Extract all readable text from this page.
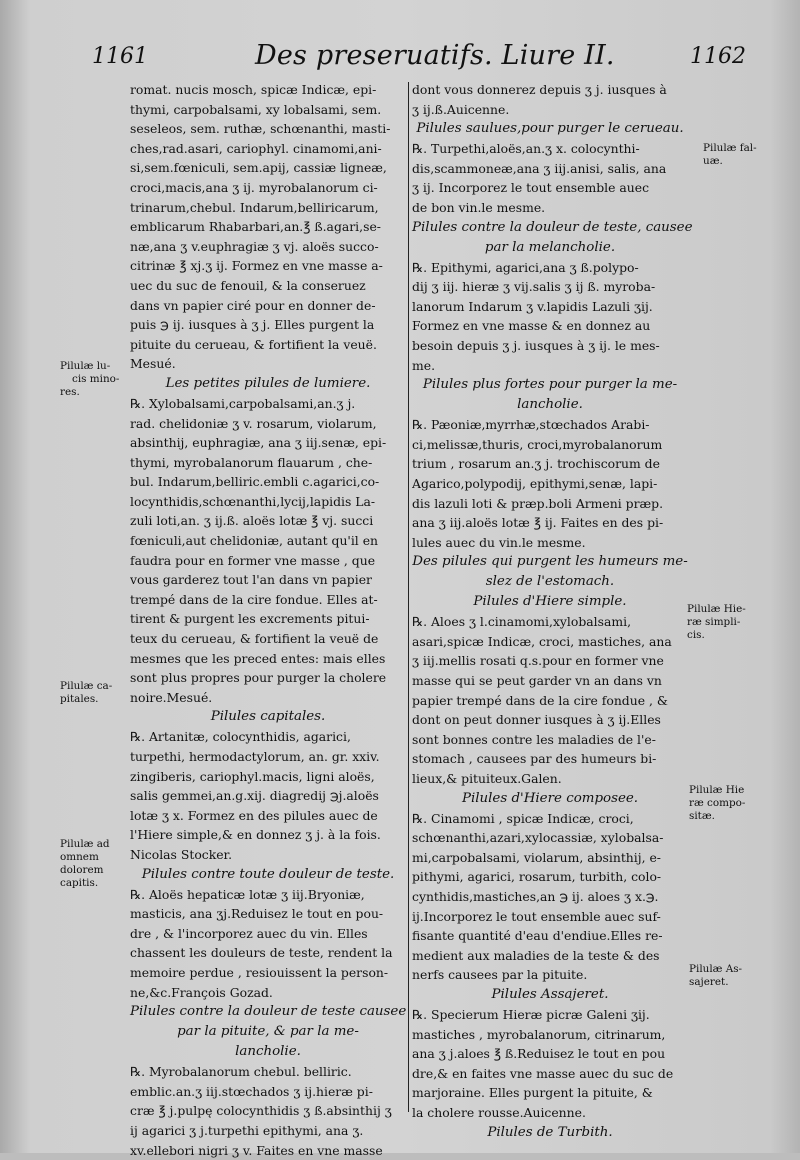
1161	Des preseruatifs. Liure II.	1162
romat. nucis mosch, spicæ Indicæ, epi-
thymi, carpobalsami, xy lobalsami, sem.
seseleos, sem. ruthæ, schœnanthi, masti-
ches,rad.asari, cariophyl. cinamomi,ani-
si,sem.fœniculi, sem.apij, cassiæ ligneæ,
croci,macis,ana ʒ ij. myrobalanorum ci-
trinarum,chebul. Indarum,belliricarum,
emblicarum Rhabarbari,an.℥ ß.agari,se-
næ,ana ʒ v.euphragiæ ʒ vj. aloës succo-
citrinæ ℥ xj.ʒ ij. Formez en vne masse a-
uec du suc de fenouil, & la conseruez
dans vn papier ciré pour en donner de-
puis ℈ ij. iusques à ʒ j. Elles purgent la
pituite du cerueau, & fortifient la veuë.
Mesué.
Les petites pilules de lumiere.
℞. Xylobalsami,carpobalsami,an.ʒ j.
rad. chelidoniæ ʒ v. rosarum, violarum,
absinthij, euphragiæ, ana ʒ iij.senæ, epi-
thymi, myrobalanorum flauarum , che-
bul. Indarum,belliric.embli c.agarici,co-
locynthidis,schœnanthi,lycij,lapidis La-
zuli loti,an. ʒ ij.ß. aloës lotæ ℥ vj. succi
fœniculi,aut chelidoniæ, autant qu'il en
faudra pour en former vne masse , que
vous garderez tout l'an dans vn papier
trempé dans de la cire fondue. Elles at-
tirent & purgent les excrements pitui-
teux du cerueau, & fortifient la veuë de
mesmes que les preced entes: mais elles
sont plus propres pour purger la cholere
noire.Mesué.
Pilules capitales.
℞. Artanitæ, colocynthidis, agarici,
turpethi, hermodactylorum, an. gr. xxiv.
zingiberis, cariophyl.macis, ligni aloës,
salis gemmei,an.g.xij. diagredij ℈j.aloës
lotæ ʒ x. Formez en des pilules auec de
l'Hiere simple,& en donnez ʒ j. à la fois.
Nicolas Stocker.
Pilules contre toute douleur de teste.
℞. Aloës hepaticæ lotæ ʒ iij.Bryoniæ,
masticis, ana ʒj.Reduisez le tout en pou-
dre , & l'incorporez auec du vin. Elles
chassent les douleurs de teste, rendent la
memoire perdue , resiouissent la person-
ne,&c.François Gozad.
Pilules contre la douleur de teste causee
par la pituite, & par la me-
lancholie.
℞. Myrobalanorum chebul. belliric.
emblic.an.ʒ iij.stœchados ʒ ij.hieræ pi-
cræ ℥ j.pulpę colocynthidis ʒ ß.absinthij ʒ
ij agarici ʒ j.turpethi epithymi, ana ʒ.
xv.ellebori nigri ʒ v. Faites en vne masse
dont vous donnerez depuis ʒ j. iusques à
ʒ ij.ß.Auicenne.
Pilules saulues,pour purger le cerueau.
℞. Turpethi,aloës,an.ʒ x. colocynthi-
dis,scammoneæ,ana ʒ iij.anisi, salis, ana
ʒ ij. Incorporez le tout ensemble auec
de bon vin.le mesme.
Pilules contre la douleur de teste, causee
par la melancholie.
℞. Epithymi, agarici,ana ʒ ß.polypo-
dij ʒ iij. hieræ ʒ vij.salis ʒ ij ß. myroba-
lanorum Indarum ʒ v.lapidis Lazuli ʒij.
Formez en vne masse & en donnez au
besoin depuis ʒ j. iusques à ʒ ij. le mes-
me.
Pilules plus fortes pour purger la me-
lancholie.
℞. Pæoniæ,myrrhæ,stœchados Arabi-
ci,melissæ,thuris, croci,myrobalanorum
trium , rosarum an.ʒ j. trochiscorum de
Agarico,polypodij, epithymi,senæ, lapi-
dis lazuli loti & præp.boli Armeni præp.
ana ʒ iij.aloës lotæ ℥ ij. Faites en des pi-
lules auec du vin.le mesme.
Des pilules qui purgent les humeurs me-
slez de l'estomach.
Pilules d'Hiere simple.
℞. Aloes ʒ l.cinamomi,xylobalsami,
asari,spicæ Indicæ, croci, mastiches, ana
ʒ iij.mellis rosati q.s.pour en former vne
masse qui se peut garder vn an dans vn
papier trempé dans de la cire fondue , &
dont on peut donner iusques à ʒ ij.Elles
sont bonnes contre les maladies de l'e-
stomach , causees par des humeurs bi-
lieux,& pituiteux.Galen.
Pilules d'Hiere composee.
℞. Cinamomi , spicæ Indicæ, croci,
schœnanthi,azari,xylocassiæ, xylobalsa-
mi,carpobalsami, violarum, absinthij, e-
pithymi, agarici, rosarum, turbith, colo-
cynthidis,mastiches,an ℈ ij. aloes ʒ x.℈.
ij.Incorporez le tout ensemble auec suf-
fisante quantité d'eau d'endiue.Elles re-
medient aux maladies de la teste & des
nerfs causees par la pituite.
Pilules Assajeret.
℞. Specierum Hieræ picræ Galeni ʒij.
mastiches , myrobalanorum, citrinarum,
ana ʒ j.aloes ℥ ß.Reduisez le tout en pou
dre,& en faites vne masse auec du suc de
marjoraine. Elles purgent la pituite, &
la cholere rousse.Auicenne.
Pilules de Turbith.
Pilulæ lu-
cis mino-
res.
Pilulæ ca-
pitales.
Pilulæ ad
omnem
dolorem
capitis.
Pilulæ fal-
uæ.
Pilulæ Hie-
ræ simpli-
cis.
Pilulæ Hie
ræ compo-
sitæ.
Pilulæ As-
sajeret.
